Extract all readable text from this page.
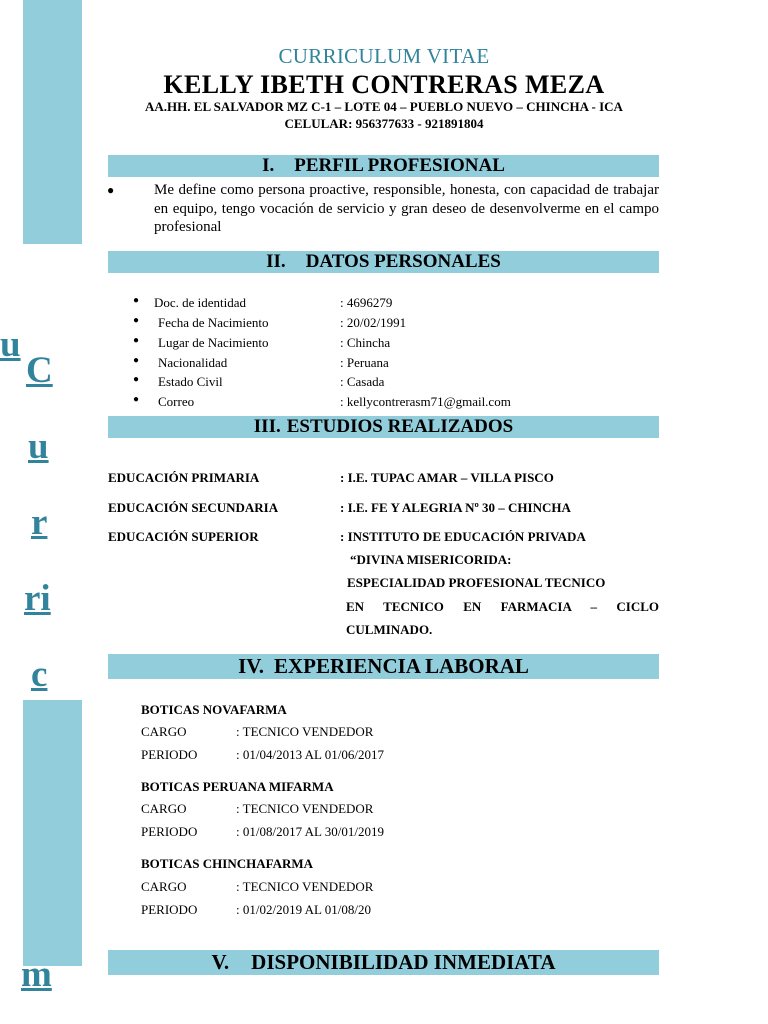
u
C
u
r
ri
c
m
CURRICULUM VITAE
KELLY IBETH CONTRERAS MEZA
AA.HH. EL SALVADOR MZ C-1 – LOTE 04 – PUEBLO NUEVO – CHINCHA - ICA
CELULAR: 956377633 - 921891804
I. PERFIL PROFESIONAL
●	Me define como persona proactive, responsible, honesta, con capacidad de trabajar en equipo, tengo vocación de servicio y gran deseo de desenvolverme en el campo profesional
II. DATOS PERSONALES
● Doc. de identidad	: 4696279
● Fecha de Nacimiento	: 20/02/1991
● Lugar de Nacimiento	: Chincha
● Nacionalidad	: Peruana
● Estado Civil	: Casada
● Correo	: kellycontrerasm71@gmail.com
III. ESTUDIOS REALIZADOS
EDUCACIÓN PRIMARIA	: I.E. TUPAC AMAR – VILLA PISCO
EDUCACIÓN SECUNDARIA	: I.E. FE Y ALEGRIA Nº 30 – CHINCHA
EDUCACIÓN SUPERIOR	: INSTITUTO DE EDUCACIÓN PRIVADA
“DIVINA MISERICORIDA:
ESPECIALIDAD PROFESIONAL TECNICO
EN TECNICO EN FARMACIA – CICLO
CULMINADO.
IV. EXPERIENCIA LABORAL
BOTICAS NOVAFARMA
CARGO	: TECNICO VENDEDOR
PERIODO	: 01/04/2013 AL 01/06/2017
BOTICAS PERUANA MIFARMA
CARGO	: TECNICO VENDEDOR
PERIODO	: 01/08/2017 AL 30/01/2019
BOTICAS CHINCHAFARMA
CARGO	: TECNICO VENDEDOR
PERIODO	: 01/02/2019 AL 01/08/20
V. DISPONIBILIDAD INMEDIATA
